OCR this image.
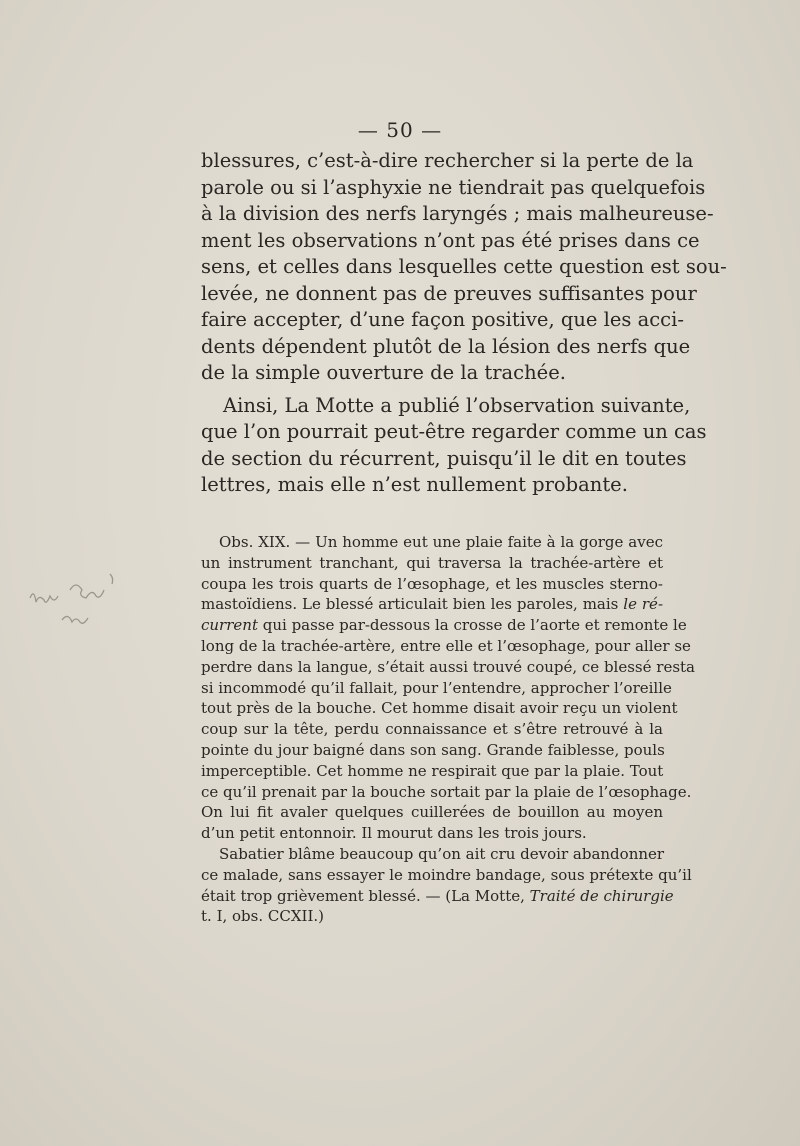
— 50 —
blessures, c’est-à-dire rechercher si la perte de la
parole ou si l’asphyxie ne tiendrait pas quelquefois
à la division des nerfs laryngés ; mais malheureuse-
ment les observations n’ont pas été prises dans ce
sens, et celles dans lesquelles cette question est sou-
levée, ne donnent pas de preuves suffisantes pour
faire accepter, d’une façon positive, que les acci-
dents dépendent plutôt de la lésion des nerfs que
de la simple ouverture de la trachée.
Ainsi, La Motte a publié l’observation suivante,
que l’on pourrait peut-être regarder comme un cas
de section du récurrent, puisqu’il le dit en toutes
lettres, mais elle n’est nullement probante.
Obs. XIX. — Un homme eut une plaie faite à la gorge avec
un instrument tranchant, qui traversa la trachée-artère et
coupa les trois quarts de l’œsophage, et les muscles sterno-
mastoïdiens. Le blessé articulait bien les paroles, mais le ré-
current qui passe par-dessous la crosse de l’aorte et remonte le
long de la trachée-artère, entre elle et l’œsophage, pour aller se
perdre dans la langue, s’était aussi trouvé coupé, ce blessé resta
si incommodé qu’il fallait, pour l’entendre, approcher l’oreille
tout près de la bouche. Cet homme disait avoir reçu un violent
coup sur la tête, perdu connaissance et s’être retrouvé à la
pointe du jour baigné dans son sang. Grande faiblesse, pouls
imperceptible. Cet homme ne respirait que par la plaie. Tout
ce qu’il prenait par la bouche sortait par la plaie de l’œsophage.
On lui fit avaler quelques cuillerées de bouillon au moyen
d’un petit entonnoir. Il mourut dans les trois jours.
Sabatier blâme beaucoup qu’on ait cru devoir abandonner
ce malade, sans essayer le moindre bandage, sous prétexte qu’il
était trop grièvement blessé. — (La Motte, Traité de chirurgie
t. I, obs. CCXII.)
